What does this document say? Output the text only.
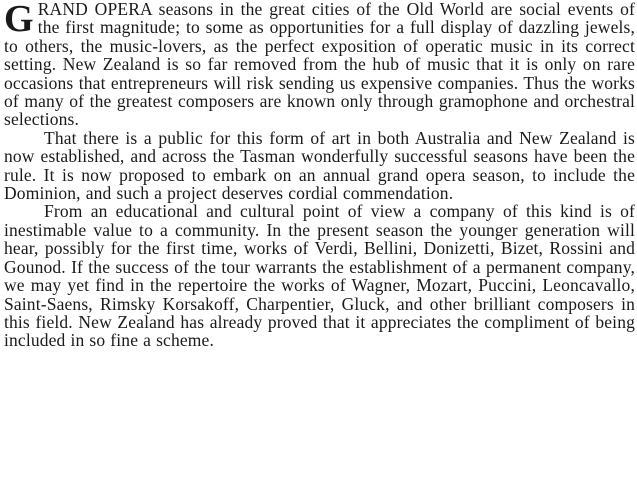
GRAND OPERA seasons in the great cities of the Old World are social events of the first magnitude; to some as opportunities for a full display of dazzling jewels, to others, the music-lovers, as the perfect exposition of operatic music in its correct setting. New Zealand is so far removed from the hub of music that it is only on rare occasions that entrepreneurs will risk sending us expensive companies. Thus the works of many of the greatest composers are known only through gramophone and orchestral selections.

That there is a public for this form of art in both Australia and New Zealand is now established, and across the Tasman wonderfully successful seasons have been the rule. It is now proposed to embark on an annual grand opera season, to include the Dominion, and such a project deserves cordial commendation.

From an educational and cultural point of view a company of this kind is of inestimable value to a community. In the present season the younger generation will hear, possibly for the first time, works of Verdi, Bellini, Donizetti, Bizet, Rossini and Gounod. If the success of the tour warrants the establishment of a permanent company, we may yet find in the repertoire the works of Wagner, Mozart, Puccini, Leoncavallo, Saint-Saens, Rimsky Korsakoff, Charpentier, Gluck, and other brilliant composers in this field. New Zealand has already proved that it appreciates the compliment of being included in so fine a scheme.
